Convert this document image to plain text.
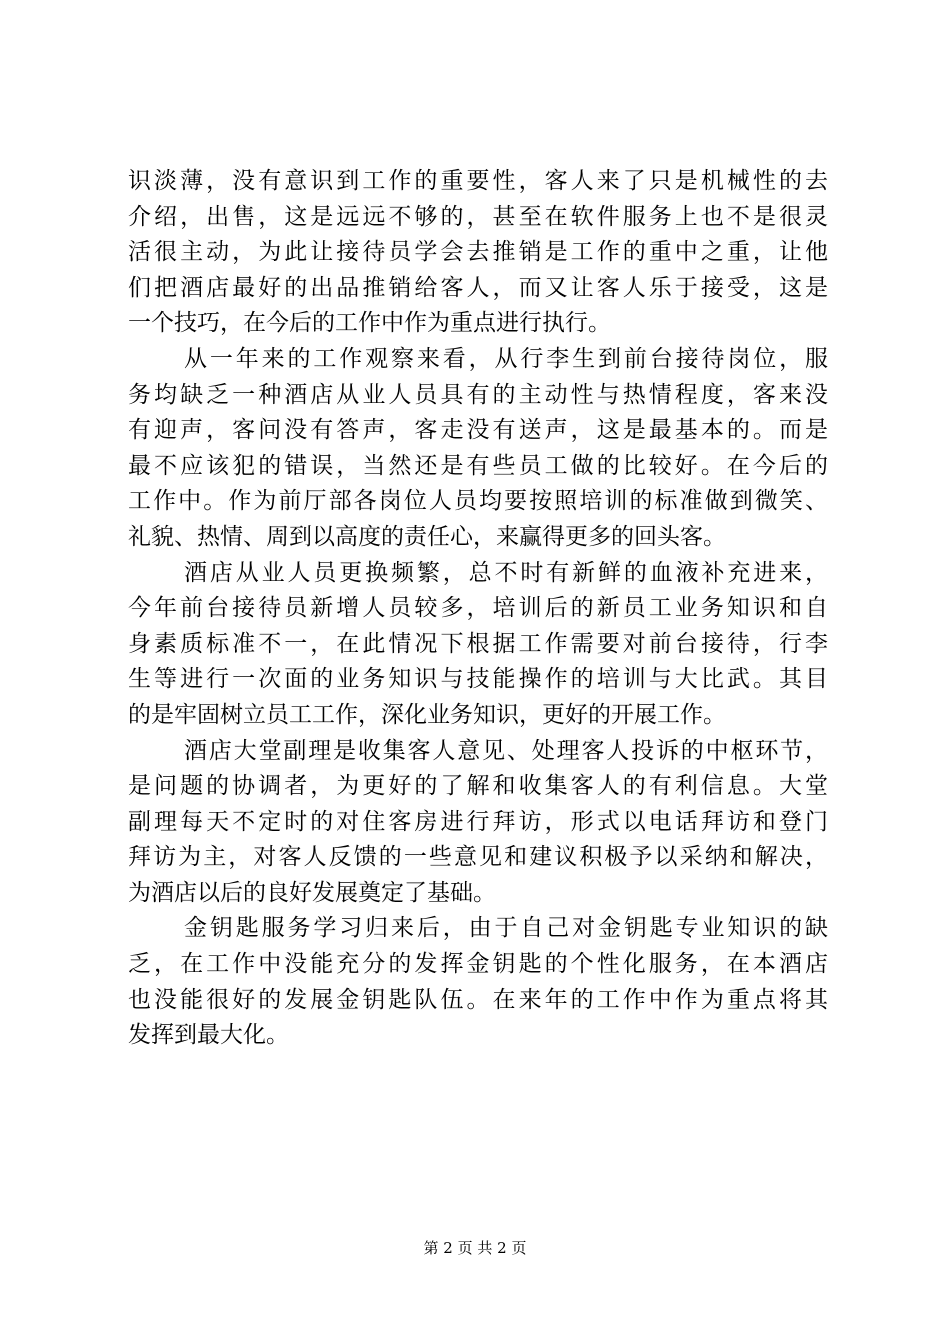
识淡薄，没有意识到工作的重要性，客人来了只是机械性的去
介绍，出售，这是远远不够的，甚至在软件服务上也不是很灵
活很主动，为此让接待员学会去推销是工作的重中之重，让他
们把酒店最好的出品推销给客人，而又让客人乐于接受，这是
一个技巧，在今后的工作中作为重点进行执行。
从一年来的工作观察来看，从行李生到前台接待岗位，服
务均缺乏一种酒店从业人员具有的主动性与热情程度，客来没
有迎声，客问没有答声，客走没有送声，这是最基本的。而是
最不应该犯的错误，当然还是有些员工做的比较好。在今后的
工作中。作为前厅部各岗位人员均要按照培训的标准做到微笑、
礼貌、热情、周到以高度的责任心，来赢得更多的回头客。
酒店从业人员更换频繁，总不时有新鲜的血液补充进来，
今年前台接待员新增人员较多，培训后的新员工业务知识和自
身素质标准不一，在此情况下根据工作需要对前台接待，行李
生等进行一次面的业务知识与技能操作的培训与大比武。其目
的是牢固树立员工工作，深化业务知识，更好的开展工作。
酒店大堂副理是收集客人意见、处理客人投诉的中枢环节，
是问题的协调者，为更好的了解和收集客人的有利信息。大堂
副理每天不定时的对住客房进行拜访，形式以电话拜访和登门
拜访为主，对客人反馈的一些意见和建议积极予以采纳和解决，
为酒店以后的良好发展奠定了基础。
金钥匙服务学习归来后，由于自己对金钥匙专业知识的缺
乏，在工作中没能充分的发挥金钥匙的个性化服务，在本酒店
也没能很好的发展金钥匙队伍。在来年的工作中作为重点将其
发挥到最大化。
第 2 页 共 2 页
